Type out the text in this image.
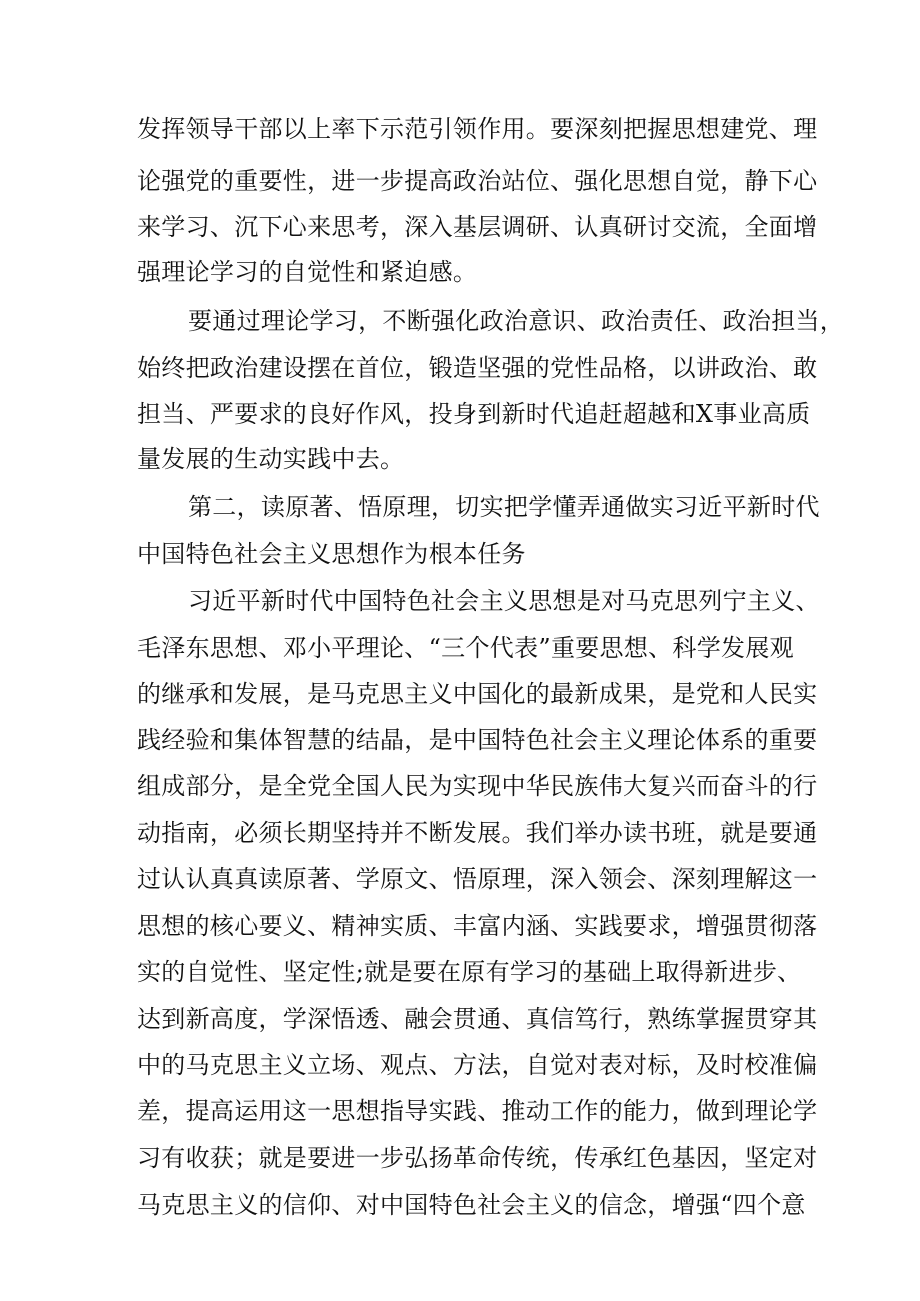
发挥领导干部以上率下示范引领作用。要深刻把握思想建党、理
论强党的重要性，进一步提高政治站位、强化思想自觉，静下心
来学习、沉下心来思考，深入基层调研、认真研讨交流，全面增
强理论学习的自觉性和紧迫感。
要通过理论学习，不断强化政治意识、政治责任、政治担当，
始终把政治建设摆在首位，锻造坚强的党性品格，以讲政治、敢
担当、严要求的良好作风，投身到新时代追赶超越和X事业高质
量发展的生动实践中去。
第二，读原著、悟原理，切实把学懂弄通做实习近平新时代
中国特色社会主义思想作为根本任务
习近平新时代中国特色社会主义思想是对马克思列宁主义、
毛泽东思想、邓小平理论、“三个代表”重要思想、科学发展观
的继承和发展，是马克思主义中国化的最新成果，是党和人民实
践经验和集体智慧的结晶，是中国特色社会主义理论体系的重要
组成部分，是全党全国人民为实现中华民族伟大复兴而奋斗的行
动指南，必须长期坚持并不断发展。我们举办读书班，就是要通
过认认真真读原著、学原文、悟原理，深入领会、深刻理解这一
思想的核心要义、精神实质、丰富内涵、实践要求，增强贯彻落
实的自觉性、坚定性;就是要在原有学习的基础上取得新进步、
达到新高度，学深悟透、融会贯通、真信笃行，熟练掌握贯穿其
中的马克思主义立场、观点、方法，自觉对表对标，及时校准偏
差，提高运用这一思想指导实践、推动工作的能力，做到理论学
习有收获；就是要进一步弘扬革命传统，传承红色基因，坚定对
马克思主义的信仰、对中国特色社会主义的信念，增强“四个意
